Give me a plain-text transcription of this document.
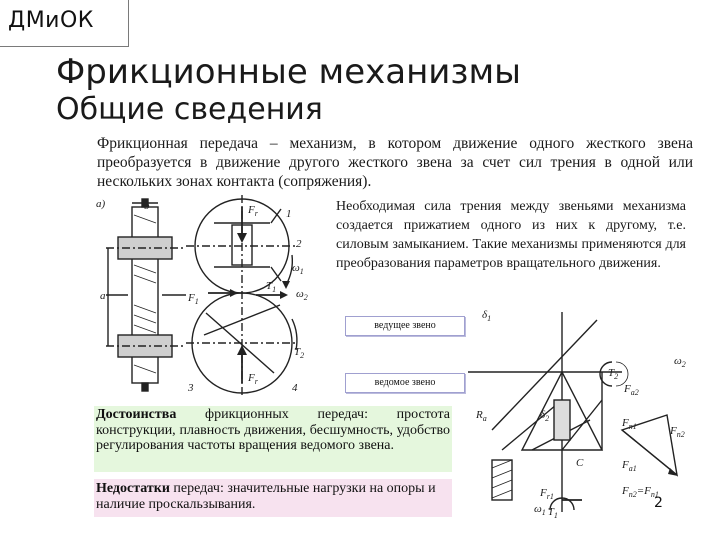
ДМиОК
Фрикционные механизмы
Общие сведения
Фрикционная передача – механизм, в котором движение одного жесткого звена преобразуется в движение другого жесткого звена за счет сил трения в одной или нескольких зонах контакта (сопряжения).
Необходимая сила трения между звеньями механизма создается прижатием одного из них к другому, т.е. силовым замыканием. Такие механизмы применяются для преобразования параметров вращательного движения.
а)	b
a
1
2
3	4
$F_r$
$F_r$
$F_1$
$\omega_1$
$\omega_2$
$T_1$
$T_2$
ведущее звено
ведомое звено
$\delta_1$
$R_a$	$\delta_2$
C
$T_2$
$F_{a2}$
$\omega_2$
$F_{n1}$	$F_{n2}$
$F_{a1}$
$F_{r1}$
$\omega_1$ $T_1$
$F_{n2}=F_{n1}$
Достоинства фрикционных передач: простота конструкции, плавность движения, бесшумность, удобство регулирования частоты вращения ведомого звена.
Недостатки передач: значительные нагрузки на опоры и наличие проскальзывания.	2
